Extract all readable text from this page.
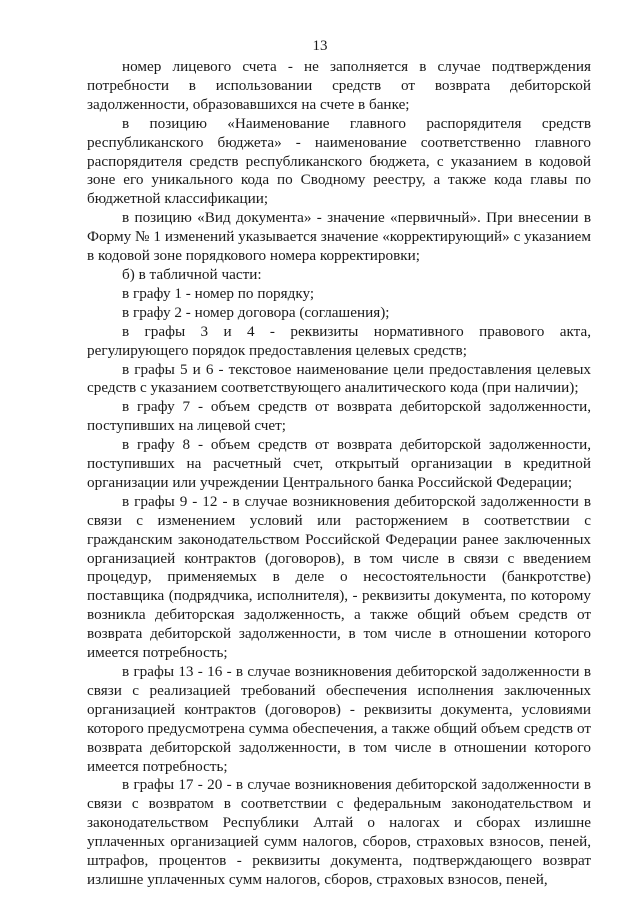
13

номер лицевого счета - не заполняется в случае подтверждения потребности в использовании средств от возврата дебиторской задолженности, образовавшихся на счете в банке;

в позицию «Наименование главного распорядителя средств республиканского бюджета» - наименование соответственно главного распорядителя средств республиканского бюджета, с указанием в кодовой зоне его уникального кода по Сводному реестру, а также кода главы по бюджетной классификации;

в позицию «Вид документа» - значение «первичный». При внесении в Форму № 1 изменений указывается значение «корректирующий» с указанием в кодовой зоне порядкового номера корректировки;

б) в табличной части:

в графу 1 - номер по порядку;

в графу 2 - номер договора (соглашения);

в графы 3 и 4 - реквизиты нормативного правового акта, регулирующего порядок предоставления целевых средств;

в графы 5 и 6 - текстовое наименование цели предоставления целевых средств с указанием соответствующего аналитического кода (при наличии);

в графу 7 - объем средств от возврата дебиторской задолженности, поступивших на лицевой счет;

в графу 8 - объем средств от возврата дебиторской задолженности, поступивших на расчетный счет, открытый организации в кредитной организации или учреждении Центрального банка Российской Федерации;

в графы 9 - 12 - в случае возникновения дебиторской задолженности в связи с изменением условий или расторжением в соответствии с гражданским законодательством Российской Федерации ранее заключенных организацией контрактов (договоров), в том числе в связи с введением процедур, применяемых в деле о несостоятельности (банкротстве) поставщика (подрядчика, исполнителя), - реквизиты документа, по которому возникла дебиторская задолженность, а также общий объем средств от возврата дебиторской задолженности, в том числе в отношении которого имеется потребность;

в графы 13 - 16 - в случае возникновения дебиторской задолженности в связи с реализацией требований обеспечения исполнения заключенных организацией контрактов (договоров) - реквизиты документа, условиями которого предусмотрена сумма обеспечения, а также общий объем средств от возврата дебиторской задолженности, в том числе в отношении которого имеется потребность;

в графы 17 - 20 - в случае возникновения дебиторской задолженности в связи с возвратом в соответствии с федеральным законодательством и законодательством Республики Алтай о налогах и сборах излишне уплаченных организацией сумм налогов, сборов, страховых взносов, пеней, штрафов, процентов - реквизиты документа, подтверждающего возврат излишне уплаченных сумм налогов, сборов, страховых взносов, пеней,
